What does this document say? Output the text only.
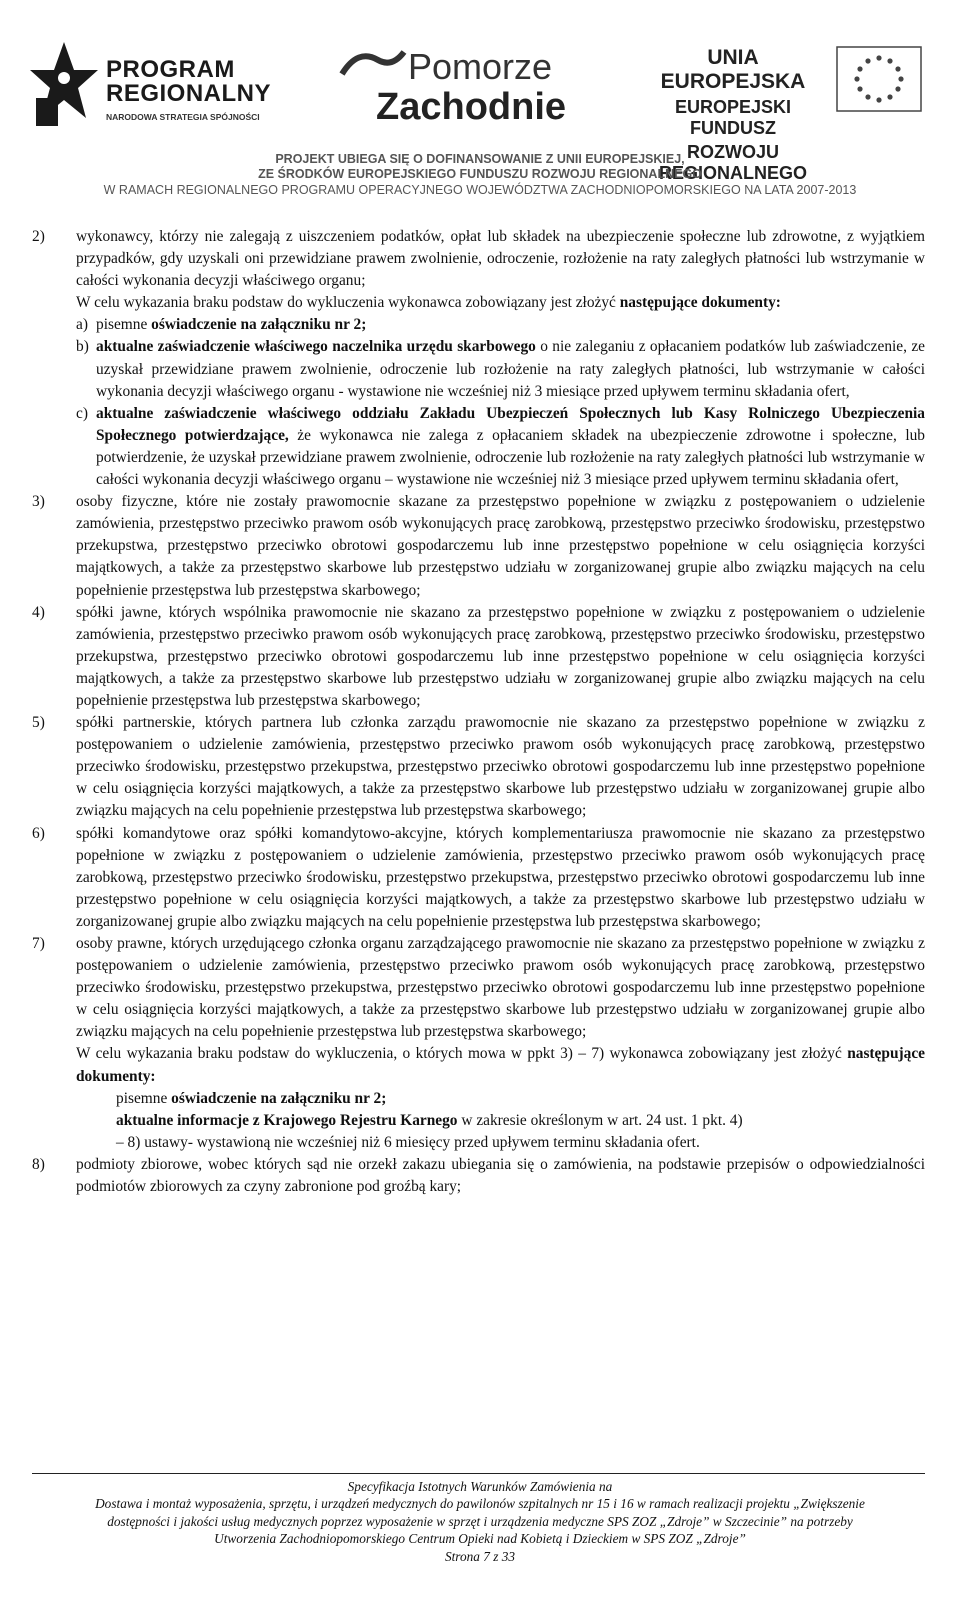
PROGRAM
REGIONALNY
NARODOWA STRATEGIA SPÓJNOŚCI
Pomorze
Zachodnie
UNIA EUROPEJSKA
EUROPEJSKI FUNDUSZ
ROZWOJU REGIONALNEGO
PROJEKT UBIEGA SIĘ O DOFINANSOWANIE Z UNII EUROPEJSKIEJ,
ZE ŚRODKÓW EUROPEJSKIEGO FUNDUSZU ROZWOJU REGIONALNEGO
W RAMACH REGIONALNEGO PROGRAMU OPERACYJNEGO WOJEWÓDZTWA ZACHODNIOPOMORSKIEGO NA LATA 2007-2013
2) wykonawcy, którzy nie zalegają z uiszczeniem podatków, opłat lub składek na ubezpieczenie społeczne lub zdrowotne, z wyjątkiem przypadków, gdy uzyskali oni przewidziane prawem zwolnienie, odroczenie, rozłożenie na raty zaległych płatności lub wstrzymanie w całości wykonania decyzji właściwego organu;
W celu wykazania braku podstaw do wykluczenia wykonawca zobowiązany jest złożyć następujące dokumenty:
a) pisemne oświadczenie na załączniku nr 2;
b) aktualne zaświadczenie właściwego naczelnika urzędu skarbowego o nie zaleganiu z opłacaniem podatków lub zaświadczenie, ze uzyskał przewidziane prawem zwolnienie, odroczenie lub rozłożenie na raty zaległych płatności, lub wstrzymanie w całości wykonania decyzji właściwego organu - wystawione nie wcześniej niż 3 miesiące przed upływem terminu składania ofert,
c) aktualne zaświadczenie właściwego oddziału Zakładu Ubezpieczeń Społecznych lub Kasy Rolniczego Ubezpieczenia Społecznego potwierdzające, że wykonawca nie zalega z opłacaniem składek na ubezpieczenie zdrowotne i społeczne, lub potwierdzenie, że uzyskał przewidziane prawem zwolnienie, odroczenie lub rozłożenie na raty zaległych płatności lub wstrzymanie w całości wykonania decyzji właściwego organu – wystawione nie wcześniej niż 3 miesiące przed upływem terminu składania ofert,
3) osoby fizyczne, które nie zostały prawomocnie skazane za przestępstwo popełnione w związku z postępowaniem o udzielenie zamówienia, przestępstwo przeciwko prawom osób wykonujących pracę zarobkową, przestępstwo przeciwko środowisku, przestępstwo przekupstwa, przestępstwo przeciwko obrotowi gospodarczemu lub inne przestępstwo popełnione w celu osiągnięcia korzyści majątkowych, a także za przestępstwo skarbowe lub przestępstwo udziału w zorganizowanej grupie albo związku mających na celu popełnienie przestępstwa lub przestępstwa skarbowego;
4) spółki jawne, których wspólnika prawomocnie nie skazano za przestępstwo popełnione w związku z postępowaniem o udzielenie zamówienia, przestępstwo przeciwko prawom osób wykonujących pracę zarobkową, przestępstwo przeciwko środowisku, przestępstwo przekupstwa, przestępstwo przeciwko obrotowi gospodarczemu lub inne przestępstwo popełnione w celu osiągnięcia korzyści majątkowych, a także za przestępstwo skarbowe lub przestępstwo udziału w zorganizowanej grupie albo związku mających na celu popełnienie przestępstwa lub przestępstwa skarbowego;
5) spółki partnerskie, których partnera lub członka zarządu prawomocnie nie skazano za przestępstwo popełnione w związku z postępowaniem o udzielenie zamówienia, przestępstwo przeciwko prawom osób wykonujących pracę zarobkową, przestępstwo przeciwko środowisku, przestępstwo przekupstwa, przestępstwo przeciwko obrotowi gospodarczemu lub inne przestępstwo popełnione w celu osiągnięcia korzyści majątkowych, a także za przestępstwo skarbowe lub przestępstwo udziału w zorganizowanej grupie albo związku mających na celu popełnienie przestępstwa lub przestępstwa skarbowego;
6) spółki komandytowe oraz spółki komandytowo-akcyjne, których komplementariusza prawomocnie nie skazano za przestępstwo popełnione w związku z postępowaniem o udzielenie zamówienia, przestępstwo przeciwko prawom osób wykonujących pracę zarobkową, przestępstwo przeciwko środowisku, przestępstwo przekupstwa, przestępstwo przeciwko obrotowi gospodarczemu lub inne przestępstwo popełnione w celu osiągnięcia korzyści majątkowych, a także za przestępstwo skarbowe lub przestępstwo udziału w zorganizowanej grupie albo związku mających na celu popełnienie przestępstwa lub przestępstwa skarbowego;
7) osoby prawne, których urzędującego członka organu zarządzającego prawomocnie nie skazano za przestępstwo popełnione w związku z postępowaniem o udzielenie zamówienia, przestępstwo przeciwko prawom osób wykonujących pracę zarobkową, przestępstwo przeciwko środowisku, przestępstwo przekupstwa, przestępstwo przeciwko obrotowi gospodarczemu lub inne przestępstwo popełnione w celu osiągnięcia korzyści majątkowych, a także za przestępstwo skarbowe lub przestępstwo udziału w zorganizowanej grupie albo związku mających na celu popełnienie przestępstwa lub przestępstwa skarbowego;
W celu wykazania braku podstaw do wykluczenia, o których mowa w ppkt 3) – 7) wykonawca zobowiązany jest złożyć następujące dokumenty:
pisemne oświadczenie na załączniku nr 2;
aktualne informacje z Krajowego Rejestru Karnego w zakresie określonym w art. 24 ust. 1 pkt. 4)
– 8) ustawy- wystawioną nie wcześniej niż 6 miesięcy przed upływem terminu składania ofert.
8) podmioty zbiorowe, wobec których sąd nie orzekł zakazu ubiegania się o zamówienia, na podstawie przepisów o odpowiedzialności podmiotów zbiorowych za czyny zabronione pod groźbą kary;
Specyfikacja Istotnych Warunków Zamówienia na
Dostawa i montaż wyposażenia, sprzętu, i urządzeń medycznych do pawilonów szpitalnych nr 15 i 16 w ramach realizacji projektu „Zwiększenie
dostępności i jakości usług medycznych poprzez wyposażenie w sprzęt i urządzenia medyczne SPS ZOZ „Zdroje” w Szczecinie” na potrzeby
Utworzenia Zachodniopomorskiego Centrum Opieki nad Kobietą i Dzieckiem w SPS ZOZ „Zdroje”
Strona 7 z 33
